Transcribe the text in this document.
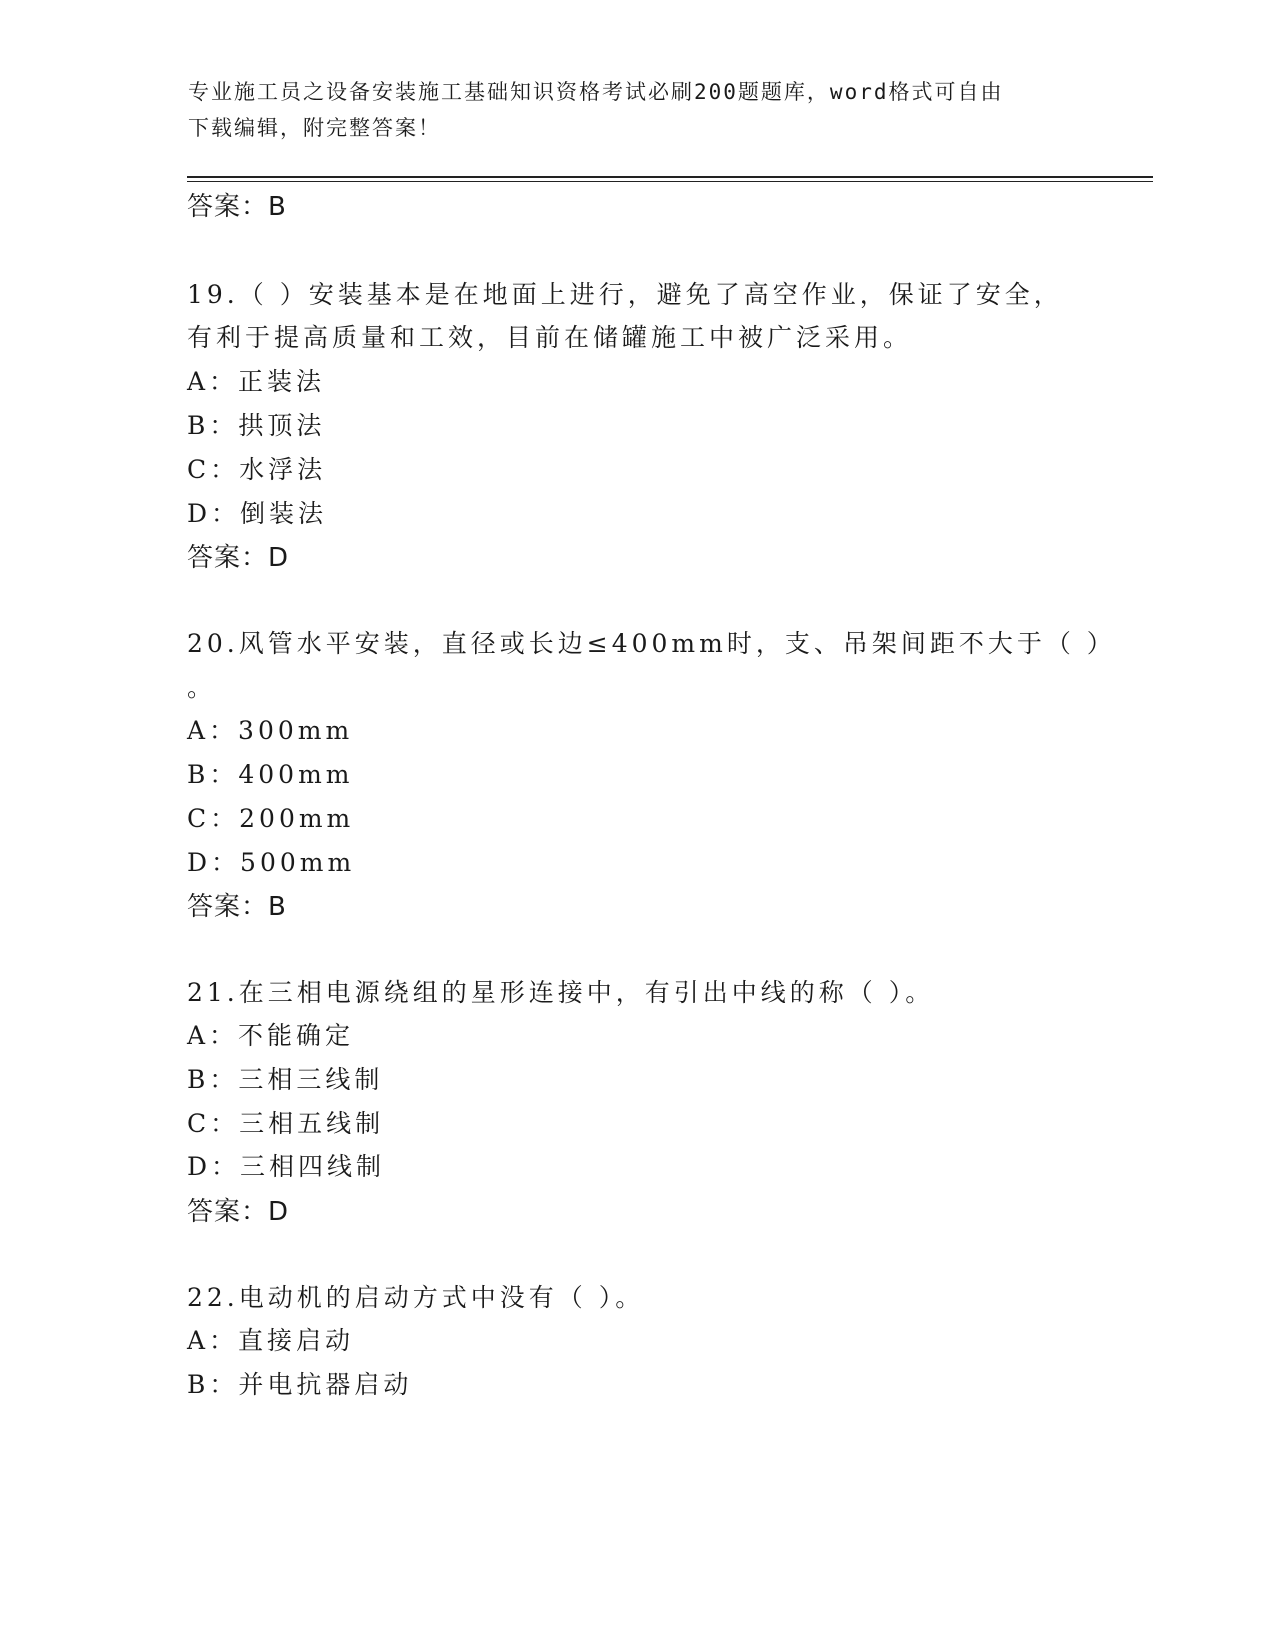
专业施工员之设备安装施工基础知识资格考试必刷200题题库，word格式可自由
下载编辑，附完整答案！
答案：B
19.（ ）安装基本是在地面上进行，避免了高空作业，保证了安全，
有利于提高质量和工效，目前在储罐施工中被广泛采用。
A：正装法
B：拱顶法
C：水浮法
D：倒装法
答案：D
20.风管水平安装，直径或长边≤400mm时，支、吊架间距不大于（ ）
。
A：300mm
B：400mm
C：200mm
D：500mm
答案：B
21.在三相电源绕组的星形连接中，有引出中线的称（ ）。
A：不能确定
B：三相三线制
C：三相五线制
D：三相四线制
答案：D
22.电动机的启动方式中没有（ ）。
A：直接启动
B：并电抗器启动
